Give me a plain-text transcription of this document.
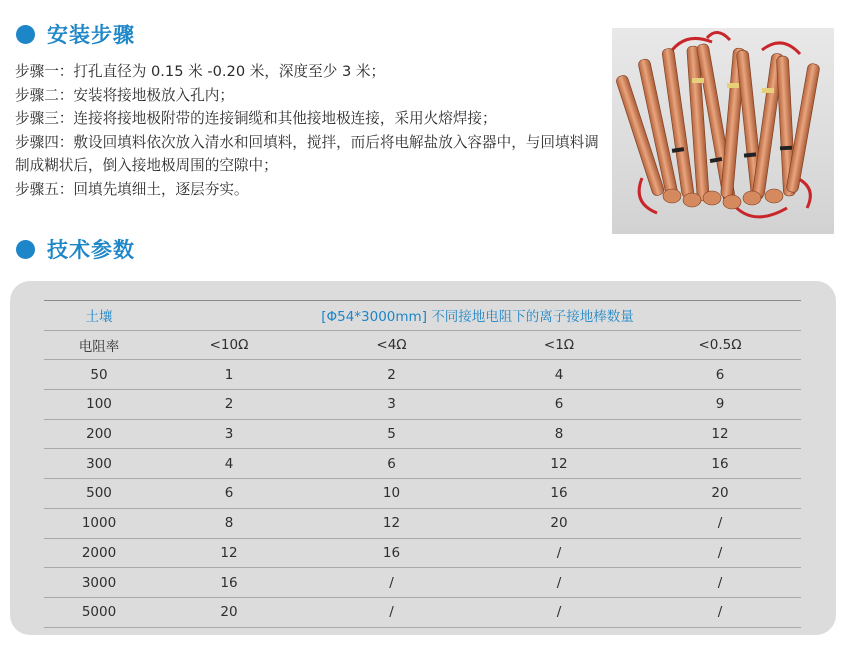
安装步骤

步骤一：打孔直径为 0.15 米 -0.20 米，深度至少 3 米；

步骤二：安装将接地极放入孔内；

步骤三：连接将接地极附带的连接铜缆和其他接地极连接，采用火熔焊接；

步骤四：敷设回填料依次放入清水和回填料，搅拌，而后将电解盐放入容器中，与回填料调制成糊状后，倒入接地极周围的空隙中；

步骤五：回填先填细土，逐层夯实。

技术参数
土壤	[Φ54*3000mm] 不同接地电阻下的离子接地棒数量			
电阻率	<10Ω	<4Ω	<1Ω	<0.5Ω
50	1	2	4	6
100	2	3	6	9
200	3	5	8	12
300	4	6	12	16
500	6	10	16	20
1000	8	12	20	/
2000	12	16	/	/
3000	16	/	/	/
5000	20	/	/	/
